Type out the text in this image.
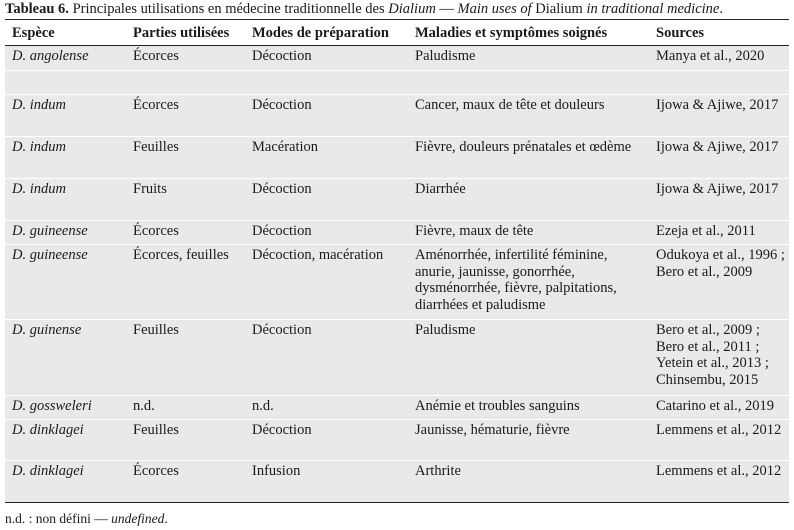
Tableau 6. Principales utilisations en médecine traditionnelle des Dialium — Main uses of Dialium in traditional medicine.
Espèce	Parties utilisées	Modes de préparation	Maladies et symptômes soignés	Sources
D. angolense	Écorces	Décoction	Paludisme	Manya et al., 2020

D. indum	Écorces	Décoction	Cancer, maux de tête et douleurs	Ijowa & Ajiwe, 2017
D. indum	Feuilles	Macération	Fièvre, douleurs prénatales et œdème	Ijowa & Ajiwe, 2017
D. indum	Fruits	Décoction	Diarrhée	Ijowa & Ajiwe, 2017
D. guineense	Écorces	Décoction	Fièvre, maux de tête	Ezeja et al., 2011
D. guineense	Écorces, feuilles	Décoction, macération	Aménorrhée, infertilité féminine, anurie, jaunisse, gonorrhée, dysménorrhée, fièvre, palpitations, diarrhées et paludisme	Odukoya et al., 1996 ; Bero et al., 2009
D. guinense	Feuilles	Décoction	Paludisme	Bero et al., 2009 ; Bero et al., 2011 ; Yetein et al., 2013 ; Chinsembu, 2015
D. gossweleri	n.d.	n.d.	Anémie et troubles sanguins	Catarino et al., 2019
D. dinklagei	Feuilles	Décoction	Jaunisse, hématurie, fièvre	Lemmens et al., 2012
D. dinklagei	Écorces	Infusion	Arthrite	Lemmens et al., 2012
n.d. : non défini — undefined.
